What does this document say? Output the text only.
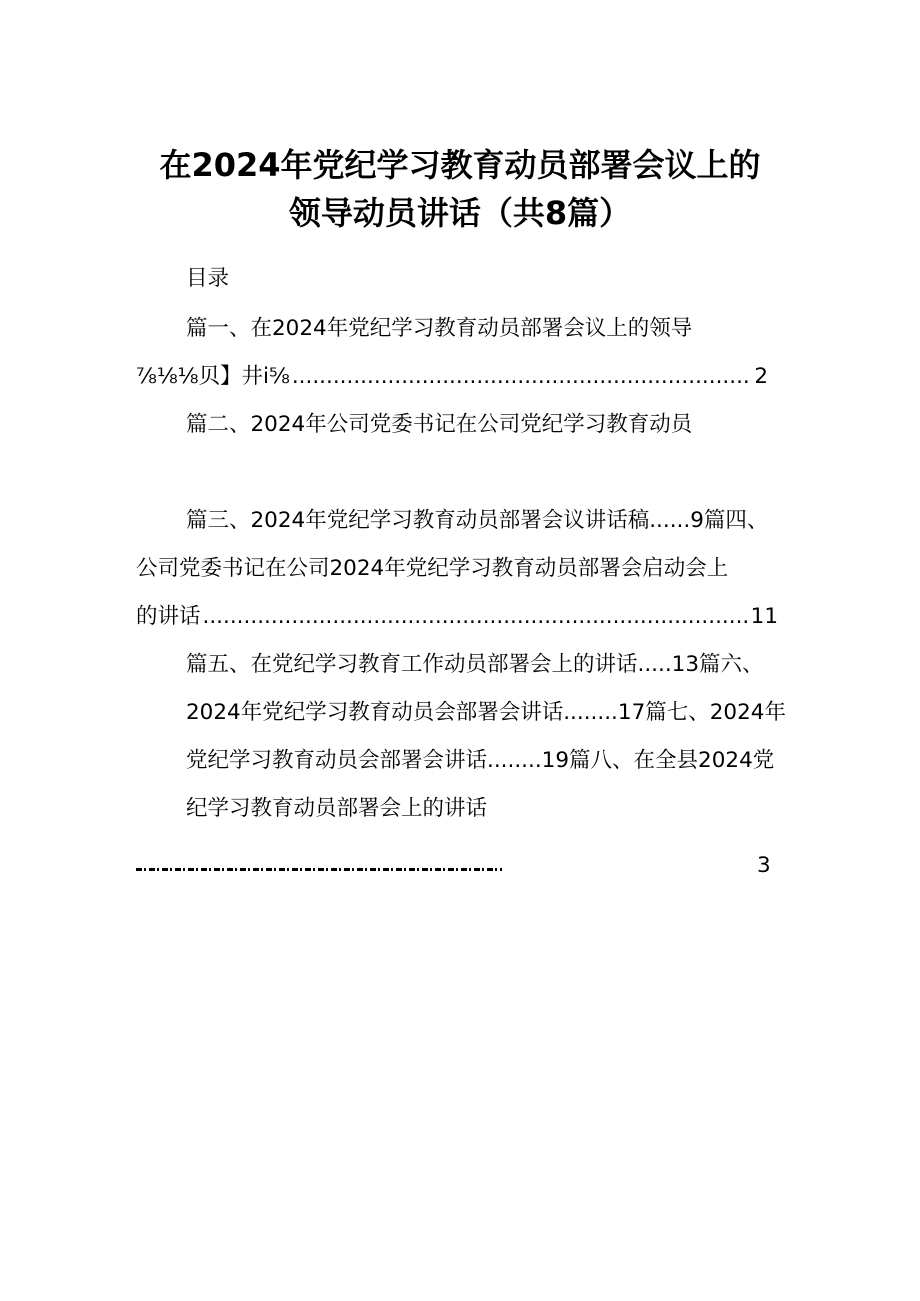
在2024年党纪学习教育动员部署会议上的
领导动员讲话（共8篇）
目录
篇一、在2024年党纪学习教育动员部署会议上的领导
⅞⅛⅛贝】井i⅝ .....	2
篇二、2024年公司党委书记在公司党纪学习教育动员
篇三、2024年党纪学习教育动员部署会议讲话稿......9篇四、
公司党委书记在公司2024年党纪学习教育动员部署会启动会上
的讲话 .....	11
篇五、在党纪学习教育工作动员部署会上的讲话.....13篇六、
2024年党纪学习教育动员会部署会讲话........17篇七、2024年
党纪学习教育动员会部署会讲话........19篇八、在全县2024党
纪学习教育动员部署会上的讲话
3
